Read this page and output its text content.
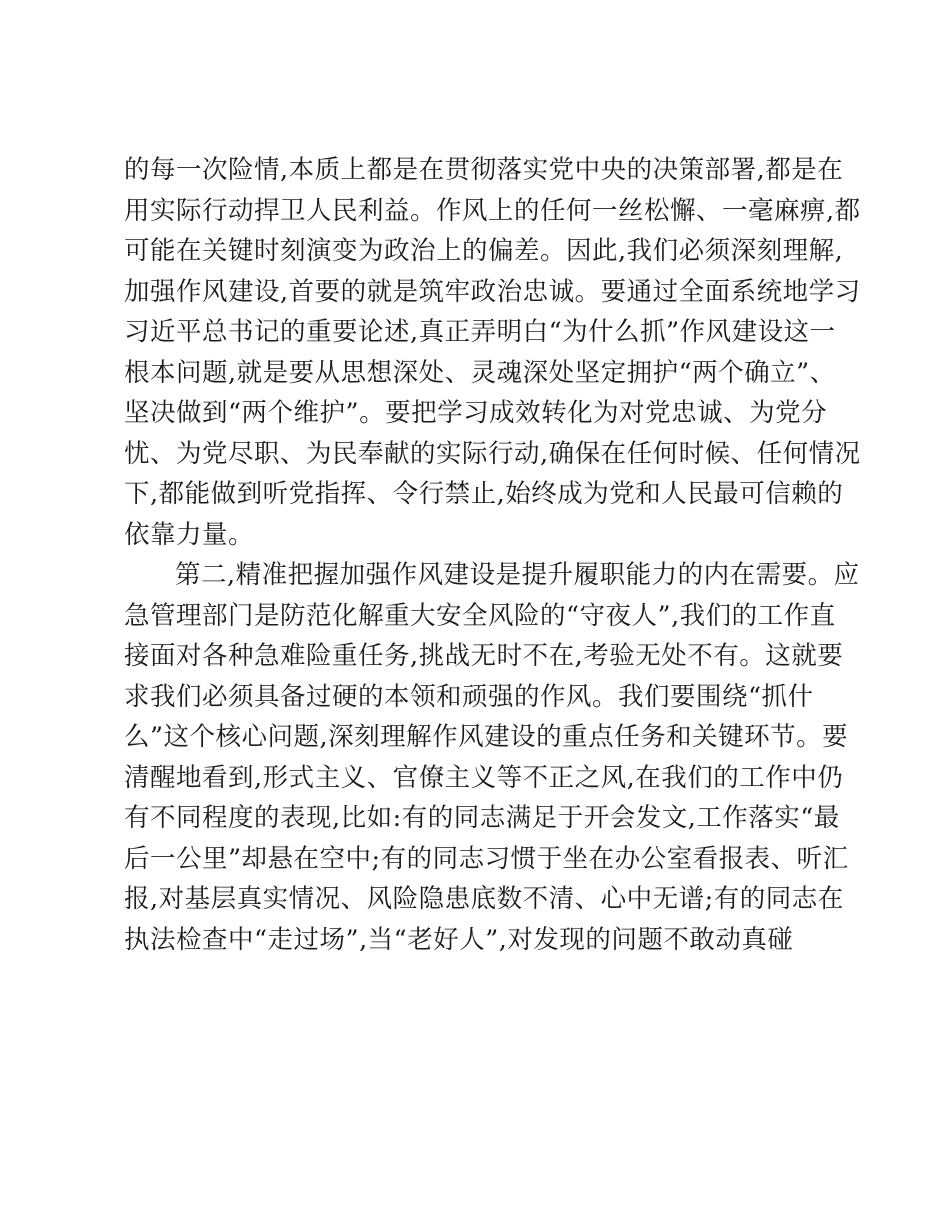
的每一次险情,本质上都是在贯彻落实党中央的决策部署,都是在
用实际行动捍卫人民利益。作风上的任何一丝松懈、一毫麻痹,都
可能在关键时刻演变为政治上的偏差。因此,我们必须深刻理解,
加强作风建设,首要的就是筑牢政治忠诚。要通过全面系统地学习
习近平总书记的重要论述,真正弄明白“为什么抓”作风建设这一
根本问题,就是要从思想深处、灵魂深处坚定拥护“两个确立”、
坚决做到“两个维护”。要把学习成效转化为对党忠诚、为党分
忧、为党尽职、为民奉献的实际行动,确保在任何时候、任何情况
下,都能做到听党指挥、令行禁止,始终成为党和人民最可信赖的
依靠力量。
第二,精准把握加强作风建设是提升履职能力的内在需要。应
急管理部门是防范化解重大安全风险的“守夜人”,我们的工作直
接面对各种急难险重任务,挑战无时不在,考验无处不有。这就要
求我们必须具备过硬的本领和顽强的作风。我们要围绕“抓什
么”这个核心问题,深刻理解作风建设的重点任务和关键环节。要
清醒地看到,形式主义、官僚主义等不正之风,在我们的工作中仍
有不同程度的表现,比如:有的同志满足于开会发文,工作落实“最
后一公里”却悬在空中;有的同志习惯于坐在办公室看报表、听汇
报,对基层真实情况、风险隐患底数不清、心中无谱;有的同志在
执法检查中“走过场”,当“老好人”,对发现的问题不敢动真碰
